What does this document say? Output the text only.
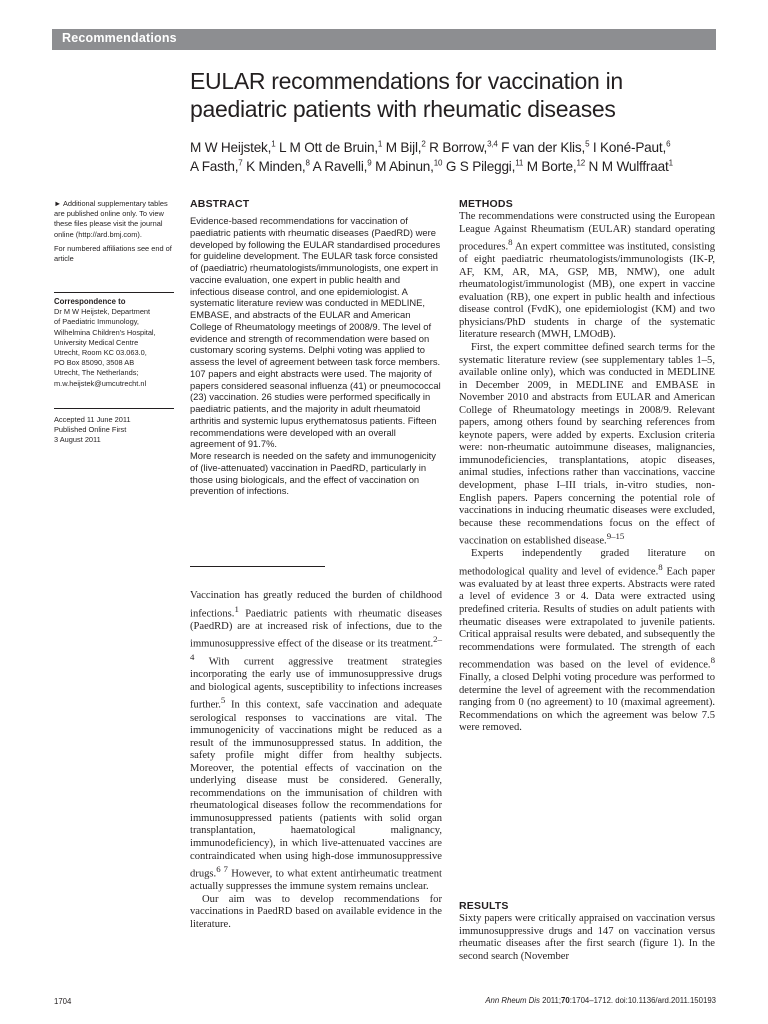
Recommendations
EULAR recommendations for vaccination in paediatric patients with rheumatic diseases
M W Heijstek,$^1$ L M Ott de Bruin,$^1$ M Bijl,$^2$ R Borrow,$^{3,4}$ F van der Klis,$^5$ I Koné-Paut,$^6$
A Fasth,$^7$ K Minden,$^8$ A Ravelli,$^9$ M Abinun,$^{10}$ G S Pileggi,$^{11}$ M Borte,$^{12}$ N M Wulffraat$^1$

► Additional supplementary tables are published online only. To view these files please visit the journal online (http://ard.bmj.com).

For numbered affiliations see end of article

Correspondence to
Dr M W Heijstek, Department
of Paediatric Immunology,
Wilhelmina Children's Hospital,
University Medical Centre
Utrecht, Room KC 03.063.0,
PO Box 85090, 3508 AB
Utrecht, The Netherlands;
m.w.heijstek@umcutrecht.nl
Accepted 11 June 2011
Published Online First
3 August 2011
ABSTRACT

Evidence-based recommendations for vaccination of paediatric patients with rheumatic diseases (PaedRD) were developed by following the EULAR standardised procedures for guideline development. The EULAR task force consisted of (paediatric) rheumatologists/immunologists, one expert in vaccine evaluation, one expert in public health and infectious disease control, and one epidemiologist. A systematic literature review was conducted in MEDLINE, EMBASE, and abstracts of the EULAR and American College of Rheumatology meetings of 2008/9. The level of evidence and strength of recommendation were based on customary scoring systems. Delphi voting was applied to assess the level of agreement between task force members.

107 papers and eight abstracts were used. The majority of papers considered seasonal influenza (41) or pneumococcal (23) vaccination. 26 studies were performed specifically in paediatric patients, and the majority in adult rheumatoid arthritis and systemic lupus erythematosus patients. Fifteen recommendations were developed with an overall agreement of 91.7%.

More research is needed on the safety and immunogenicity of (live-attenuated) vaccination in PaedRD, particularly in those using biologicals, and the effect of vaccination on prevention of infections.

Vaccination has greatly reduced the burden of childhood infections.$^1$ Paediatric patients with rheumatic diseases (PaedRD) are at increased risk of infections, due to the immunosuppressive effect of the disease or its treatment.$^{2-4}$ With current aggressive treatment strategies incorporating the early use of immunosuppressive drugs and biological agents, susceptibility to infections increases further.$^5$ In this context, safe vaccination and adequate serological responses to vaccinations are vital. The immunogenicity of vaccinations might be reduced as a result of the immunosuppressed status. In addition, the safety profile might differ from healthy subjects. Moreover, the potential effects of vaccination on the underlying disease must be considered. Generally, recommendations on the immunisation of children with rheumatological diseases follow the recommendations for immunosuppressed patients (patients with solid organ transplantation, haematological malignancy, immunodeficiency), in which live-attenuated vaccines are contraindicated when using high-dose immunosuppressive drugs.$^{6 7}$ However, to what extent antirheumatic treatment actually suppresses the immune system remains unclear.

Our aim was to develop recommendations for vaccinations in PaedRD based on available evidence in the literature.

METHODS

The recommendations were constructed using the European League Against Rheumatism (EULAR) standard operating procedures.$^8$ An expert committee was instituted, consisting of eight paediatric rheumatologists/immunologists (IK-P, AF, KM, AR, MA, GSP, MB, NMW), one adult rheumatologist/immunologist (MB), one expert in vaccine evaluation (RB), one expert in public health and infectious disease control (FvdK), one epidemiologist (KM) and two physicians/PhD students in charge of the systematic literature research (MWH, LMOdB).

First, the expert committee defined search terms for the systematic literature review (see supplementary tables 1–5, available online only), which was conducted in MEDLINE in December 2009, in MEDLINE and EMBASE in November 2010 and abstracts from EULAR and American College of Rheumatology meetings in 2008/9. Relevant papers, among others found by searching references from keynote papers, were added by experts. Exclusion criteria were: non-rheumatic autoimmune diseases, malignancies, immunodeficiencies, transplantations, atopic diseases, animal studies, infections rather than vaccinations, vaccine development, phase I–III trials, in-vitro studies, non-English papers. Papers concerning the potential role of vaccinations in inducing rheumatic diseases were excluded, because these recommendations focus on the effect of vaccination on established disease.$^{9-15}$

Experts independently graded literature on methodological quality and level of evidence.$^8$ Each paper was evaluated by at least three experts. Abstracts were rated a level of evidence 3 or 4. Data were extracted using predefined criteria. Results of studies on adult patients with rheumatic diseases were extrapolated to juvenile patients. Critical appraisal results were debated, and subsequently the recommendations were formulated. The strength of each recommendation was based on the level of evidence.$^8$ Finally, a closed Delphi voting procedure was performed to determine the level of agreement with the recommendation ranging from 0 (no agreement) to 10 (maximal agreement). Recommendations on which the agreement was below 7.5 were removed.

RESULTS

Sixty papers were critically appraised on vaccination versus immunosuppressive drugs and 147 on vaccination versus rheumatic diseases after the first search (figure 1). In the second search (November

1704	Ann Rheum Dis 2011;70:1704–1712. doi:10.1136/ard.2011.150193
